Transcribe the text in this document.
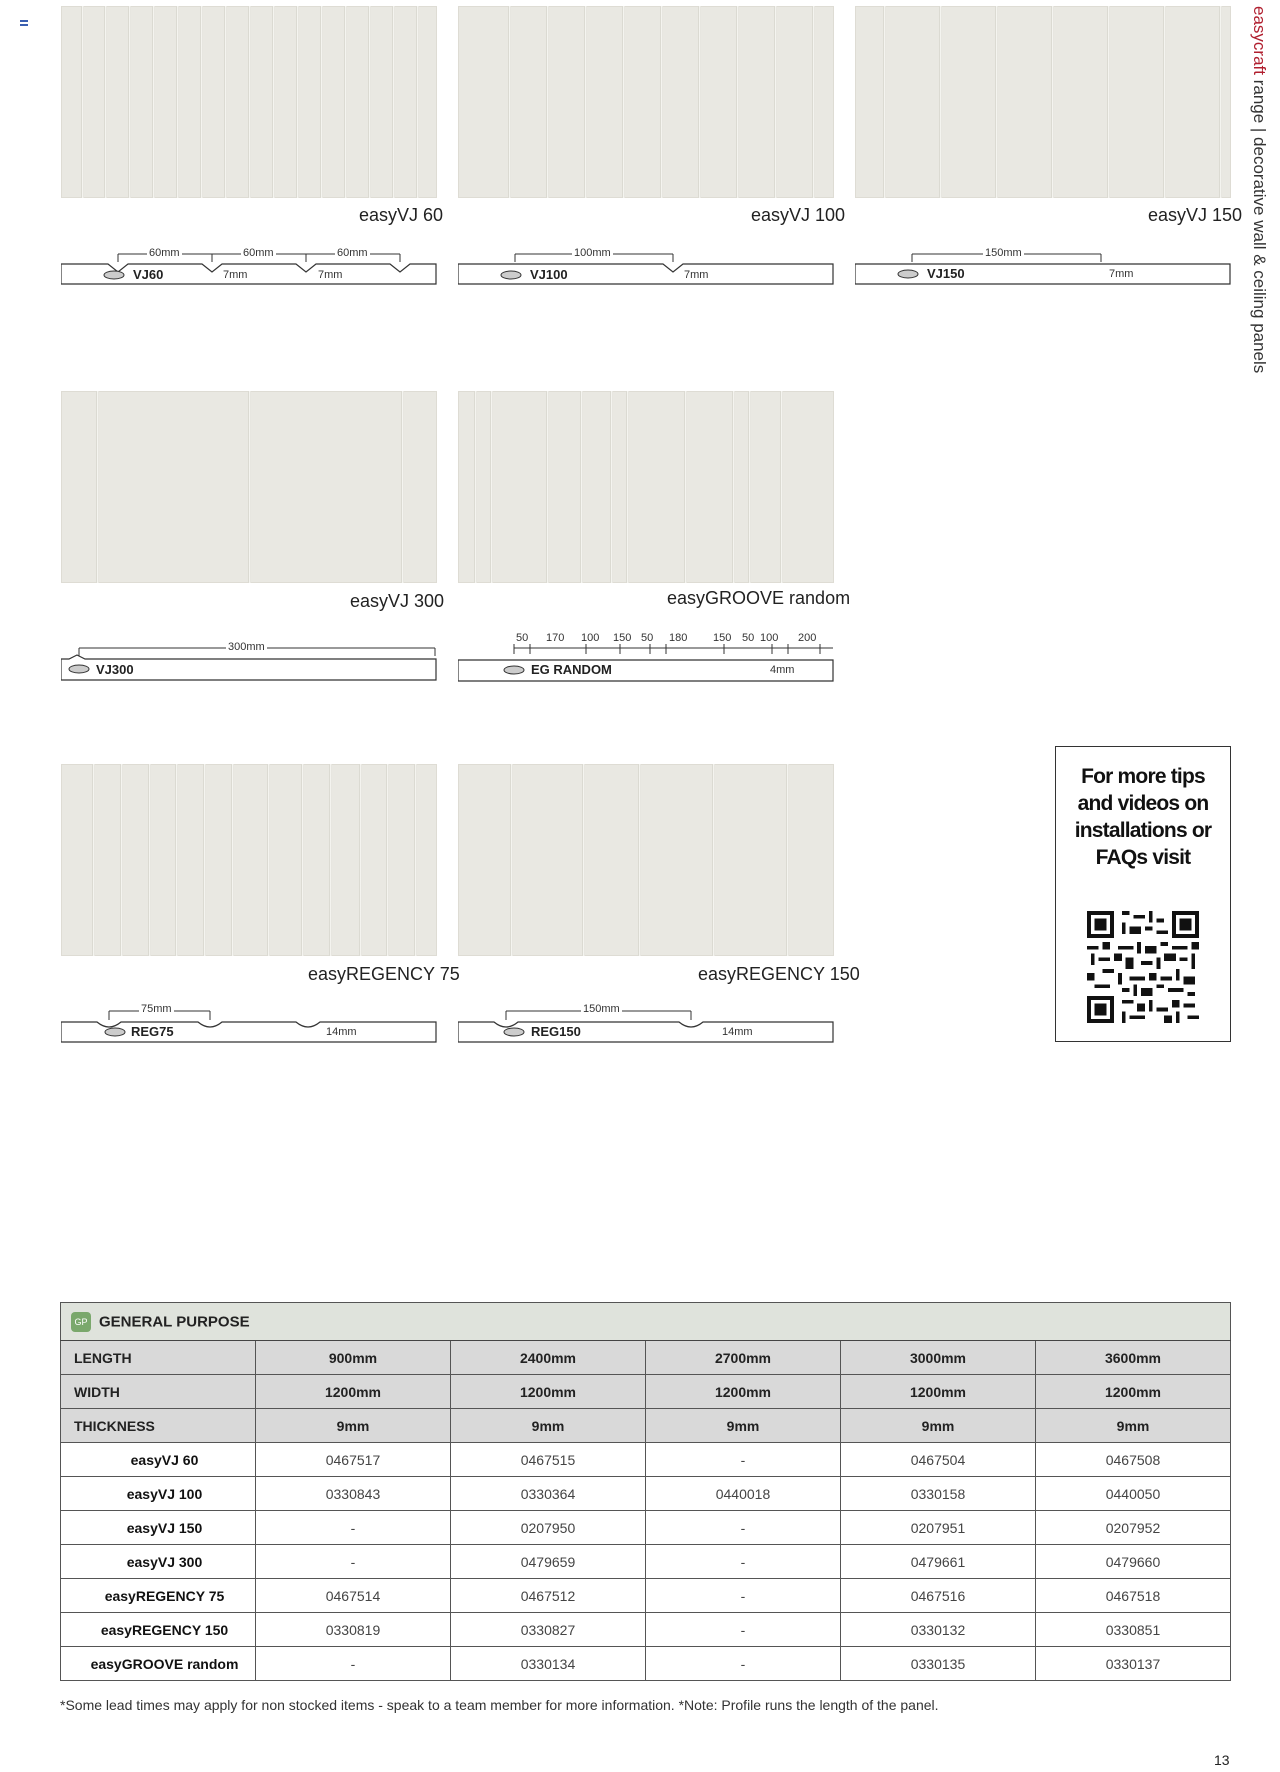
easyVJ 60	easyVJ 100	easyVJ 150
60mm	60mm	60mm
VJ60	7mm	7mm
100mm
VJ100	7mm
150mm
VJ150	7mm
easyVJ 300	easyGROOVE random
300mm
VJ300
50 170 100 150 50 180 150 50 100 200
EG RANDOM	4mm
easyREGENCY 75	easyREGENCY 150
75mm
REG75	14mm
150mm
REG150	14mm
easycraft range | decorative wall & ceiling panels
For more tips and videos on installations or FAQs visit
GP GENERAL PURPOSE					
LENGTH	900mm	2400mm	2700mm	3000mm	3600mm
WIDTH	1200mm	1200mm	1200mm	1200mm	1200mm
THICKNESS	9mm	9mm	9mm	9mm	9mm
easyVJ 60	0467517	0467515	-	0467504	0467508
easyVJ 100	0330843	0330364	0440018	0330158	0440050
easyVJ 150	-	0207950	-	0207951	0207952
easyVJ 300	-	0479659	-	0479661	0479660
easyREGENCY 75	0467514	0467512	-	0467516	0467518
easyREGENCY 150	0330819	0330827	-	0330132	0330851
easyGROOVE random	-	0330134	-	0330135	0330137
*Some lead times may apply for non stocked items - speak to a team member for more information. *Note: Profile runs the length of the panel.
13
